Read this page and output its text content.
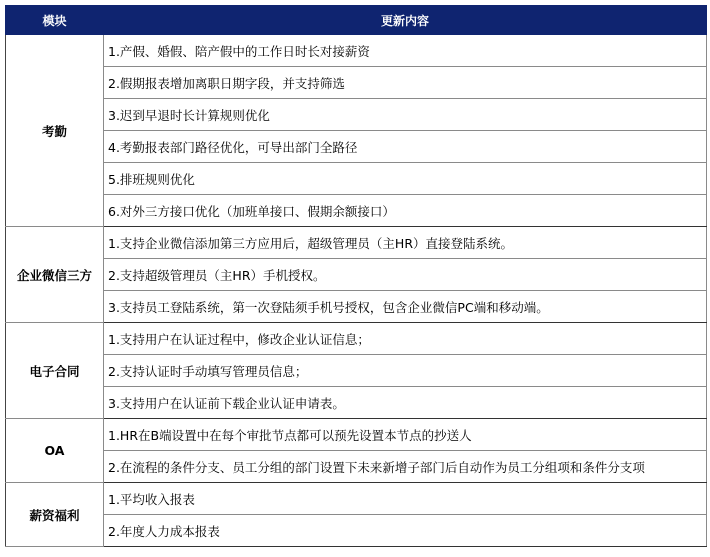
模块	更新内容
考勤	1.产假、婚假、陪产假中的工作日时长对接薪资
	2.假期报表增加离职日期字段，并支持筛选
	3.迟到早退时长计算规则优化
	4.考勤报表部门路径优化，可导出部门全路径
	5.排班规则优化
	6.对外三方接口优化（加班单接口、假期余额接口）
企业微信三方	1.支持企业微信添加第三方应用后，超级管理员（主HR）直接登陆系统。
	2.支持超级管理员（主HR）手机授权。
	3.支持员工登陆系统，第一次登陆须手机号授权，包含企业微信PC端和移动端。
电子合同	1.支持用户在认证过程中，修改企业认证信息；
	2.支持认证时手动填写管理员信息；
	3.支持用户在认证前下载企业认证申请表。
OA	1.HR在B端设置中在每个审批节点都可以预先设置本节点的抄送人
	2.在流程的条件分支、员工分组的部门设置下未来新增子部门后自动作为员工分组项和条件分支项
薪资福利	1.平均收入报表
	2.年度人力成本报表
